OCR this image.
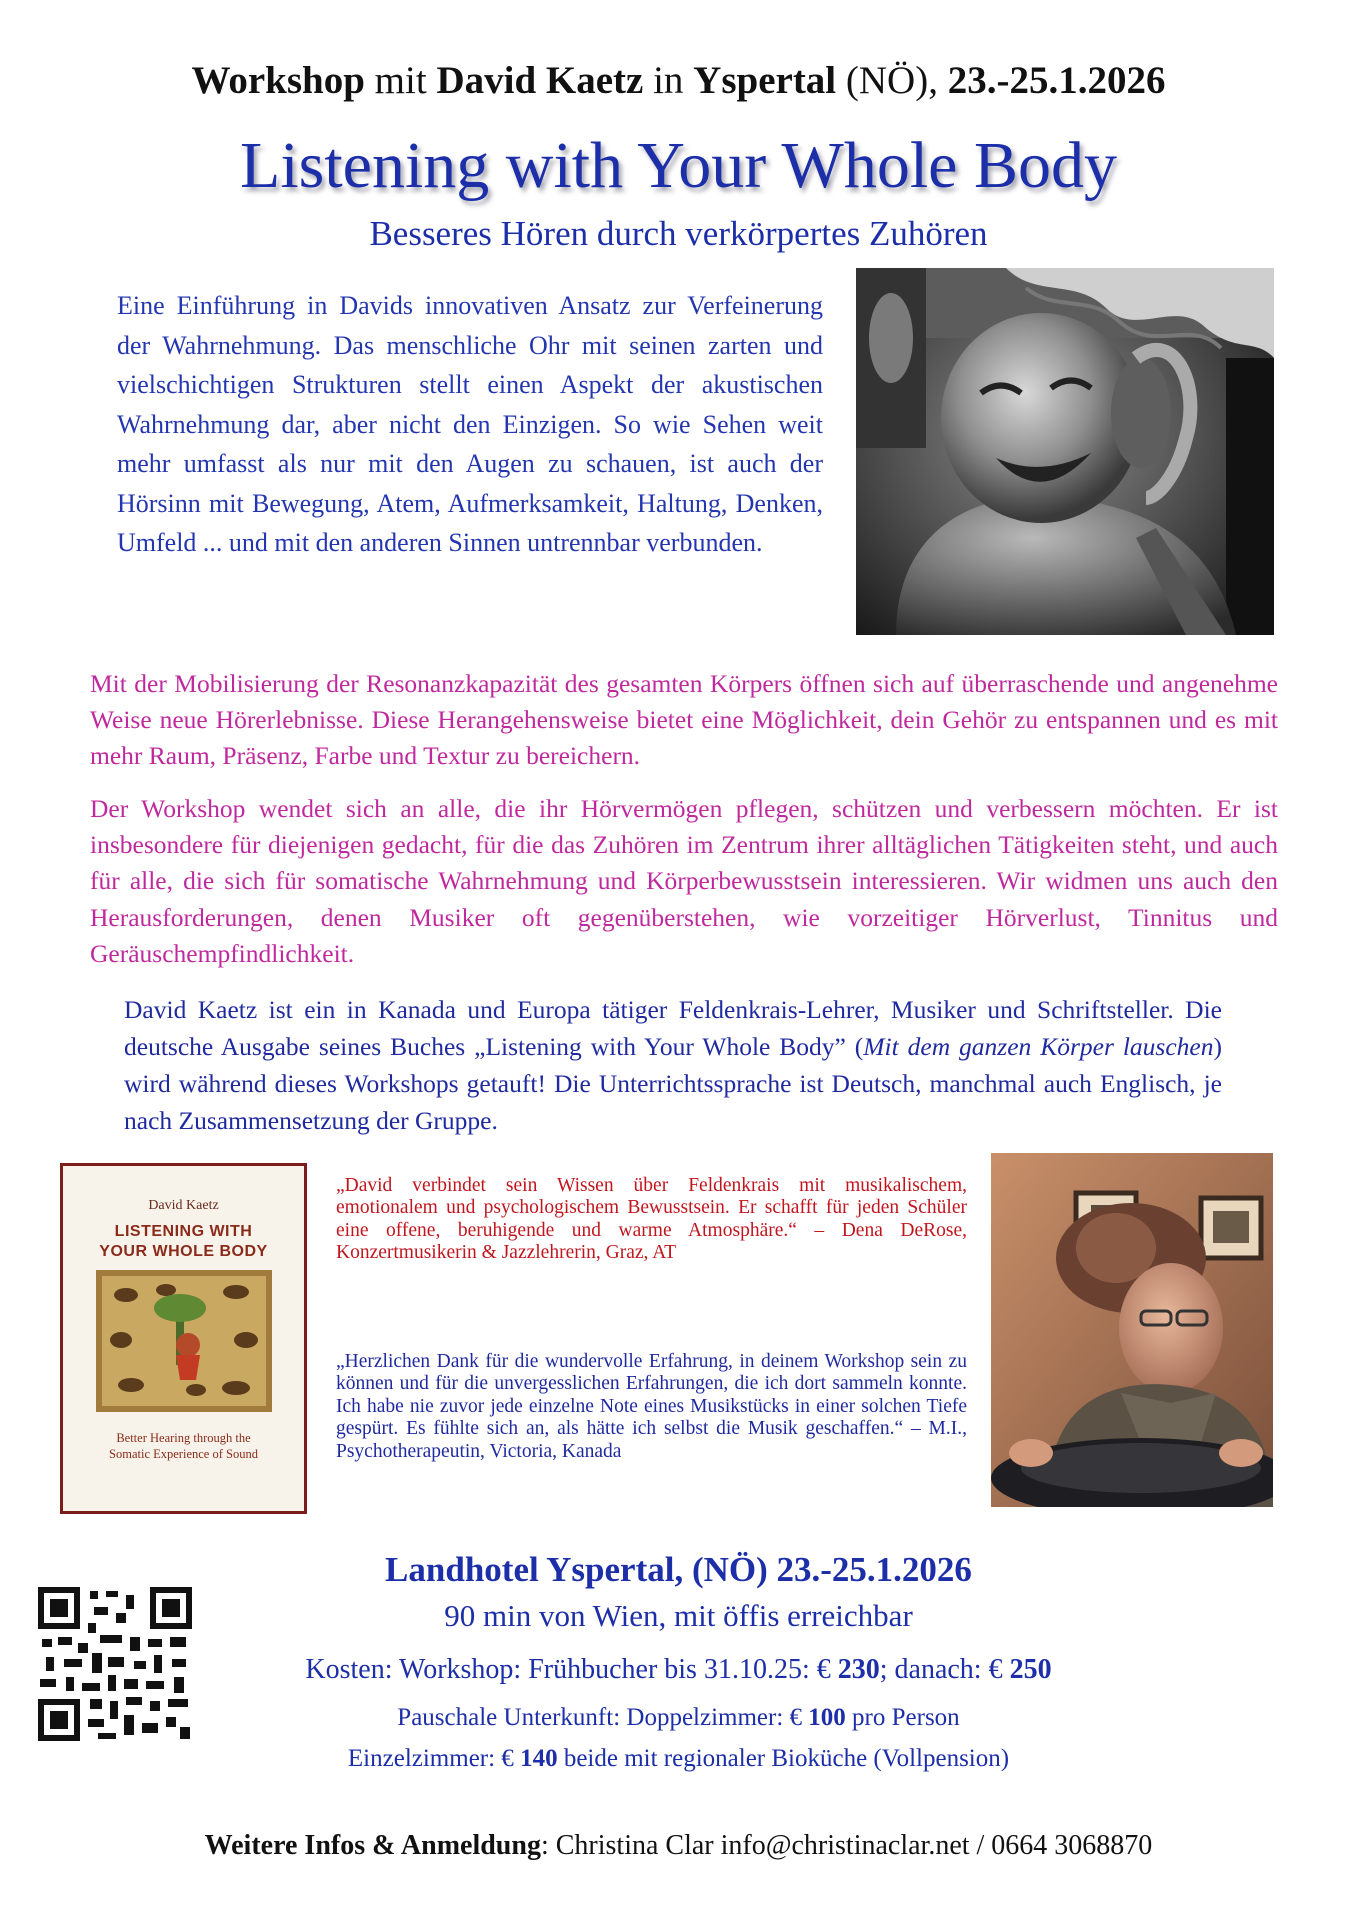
Workshop mit David Kaetz in Yspertal (NÖ), 23.-25.1.2026
Listening with Your Whole Body
Besseres Hören durch verkörpertes Zuhören
Eine Einführung in Davids innovativen Ansatz zur Verfeinerung der Wahrnehmung. Das menschliche Ohr mit seinen zarten und vielschichtigen Strukturen stellt einen Aspekt der akustischen Wahrnehmung dar, aber nicht den Einzigen. So wie Sehen weit mehr umfasst als nur mit den Augen zu schauen, ist auch der Hörsinn mit Bewegung, Atem, Aufmerksamkeit, Haltung, Denken, Umfeld ... und mit den anderen Sinnen untrennbar verbunden.
Mit der Mobilisierung der Resonanzkapazität des gesamten Körpers öffnen sich auf überraschende und angenehme Weise neue Hörerlebnisse. Diese Herangehensweise bietet eine Möglichkeit, dein Gehör zu entspannen und es mit mehr Raum, Präsenz, Farbe und Textur zu bereichern.
Der Workshop wendet sich an alle, die ihr Hörvermögen pflegen, schützen und verbessern möchten. Er ist insbesondere für diejenigen gedacht, für die das Zuhören im Zentrum ihrer alltäglichen Tätigkeiten steht, und auch für alle, die sich für somatische Wahrnehmung und Körperbewusstsein interessieren. Wir widmen uns auch den Herausforderungen, denen Musiker oft gegenüberstehen, wie vorzeitiger Hörverlust, Tinnitus und Geräuschempfindlichkeit.
David Kaetz ist ein in Kanada und Europa tätiger Feldenkrais-Lehrer, Musiker und Schriftsteller. Die deutsche Ausgabe seines Buches „Listening with Your Whole Body” (Mit dem ganzen Körper lauschen) wird während dieses Workshops getauft! Die Unterrichtssprache ist Deutsch, manchmal auch Englisch, je nach Zusammensetzung der Gruppe.
David Kaetz
LISTENING WITH
YOUR WHOLE BODY
Better Hearing through the
Somatic Experience of Sound
„David verbindet sein Wissen über Feldenkrais mit musikalischem, emotionalem und psychologischem Bewusstsein. Er schafft für jeden Schüler eine offene, beruhigende und warme Atmosphäre.“ – Dena DeRose, Konzertmusikerin & Jazzlehrerin, Graz, AT
„Herzlichen Dank für die wundervolle Erfahrung, in deinem Workshop sein zu können und für die unvergesslichen Erfahrungen, die ich dort sammeln konnte. Ich habe nie zuvor jede einzelne Note eines Musikstücks in einer solchen Tiefe gespürt. Es fühlte sich an, als hätte ich selbst die Musik geschaffen.“ – M.I., Psychotherapeutin, Victoria, Kanada
Landhotel Yspertal, (NÖ) 23.-25.1.2026
90 min von Wien, mit öffis erreichbar
Kosten: Workshop: Frühbucher bis 31.10.25: € 230; danach: € 250
Pauschale Unterkunft: Doppelzimmer: € 100 pro Person
Einzelzimmer: € 140 beide mit regionaler Bioküche (Vollpension)
Weitere Infos & Anmeldung: Christina Clar info@christinaclar.net / 0664 3068870
